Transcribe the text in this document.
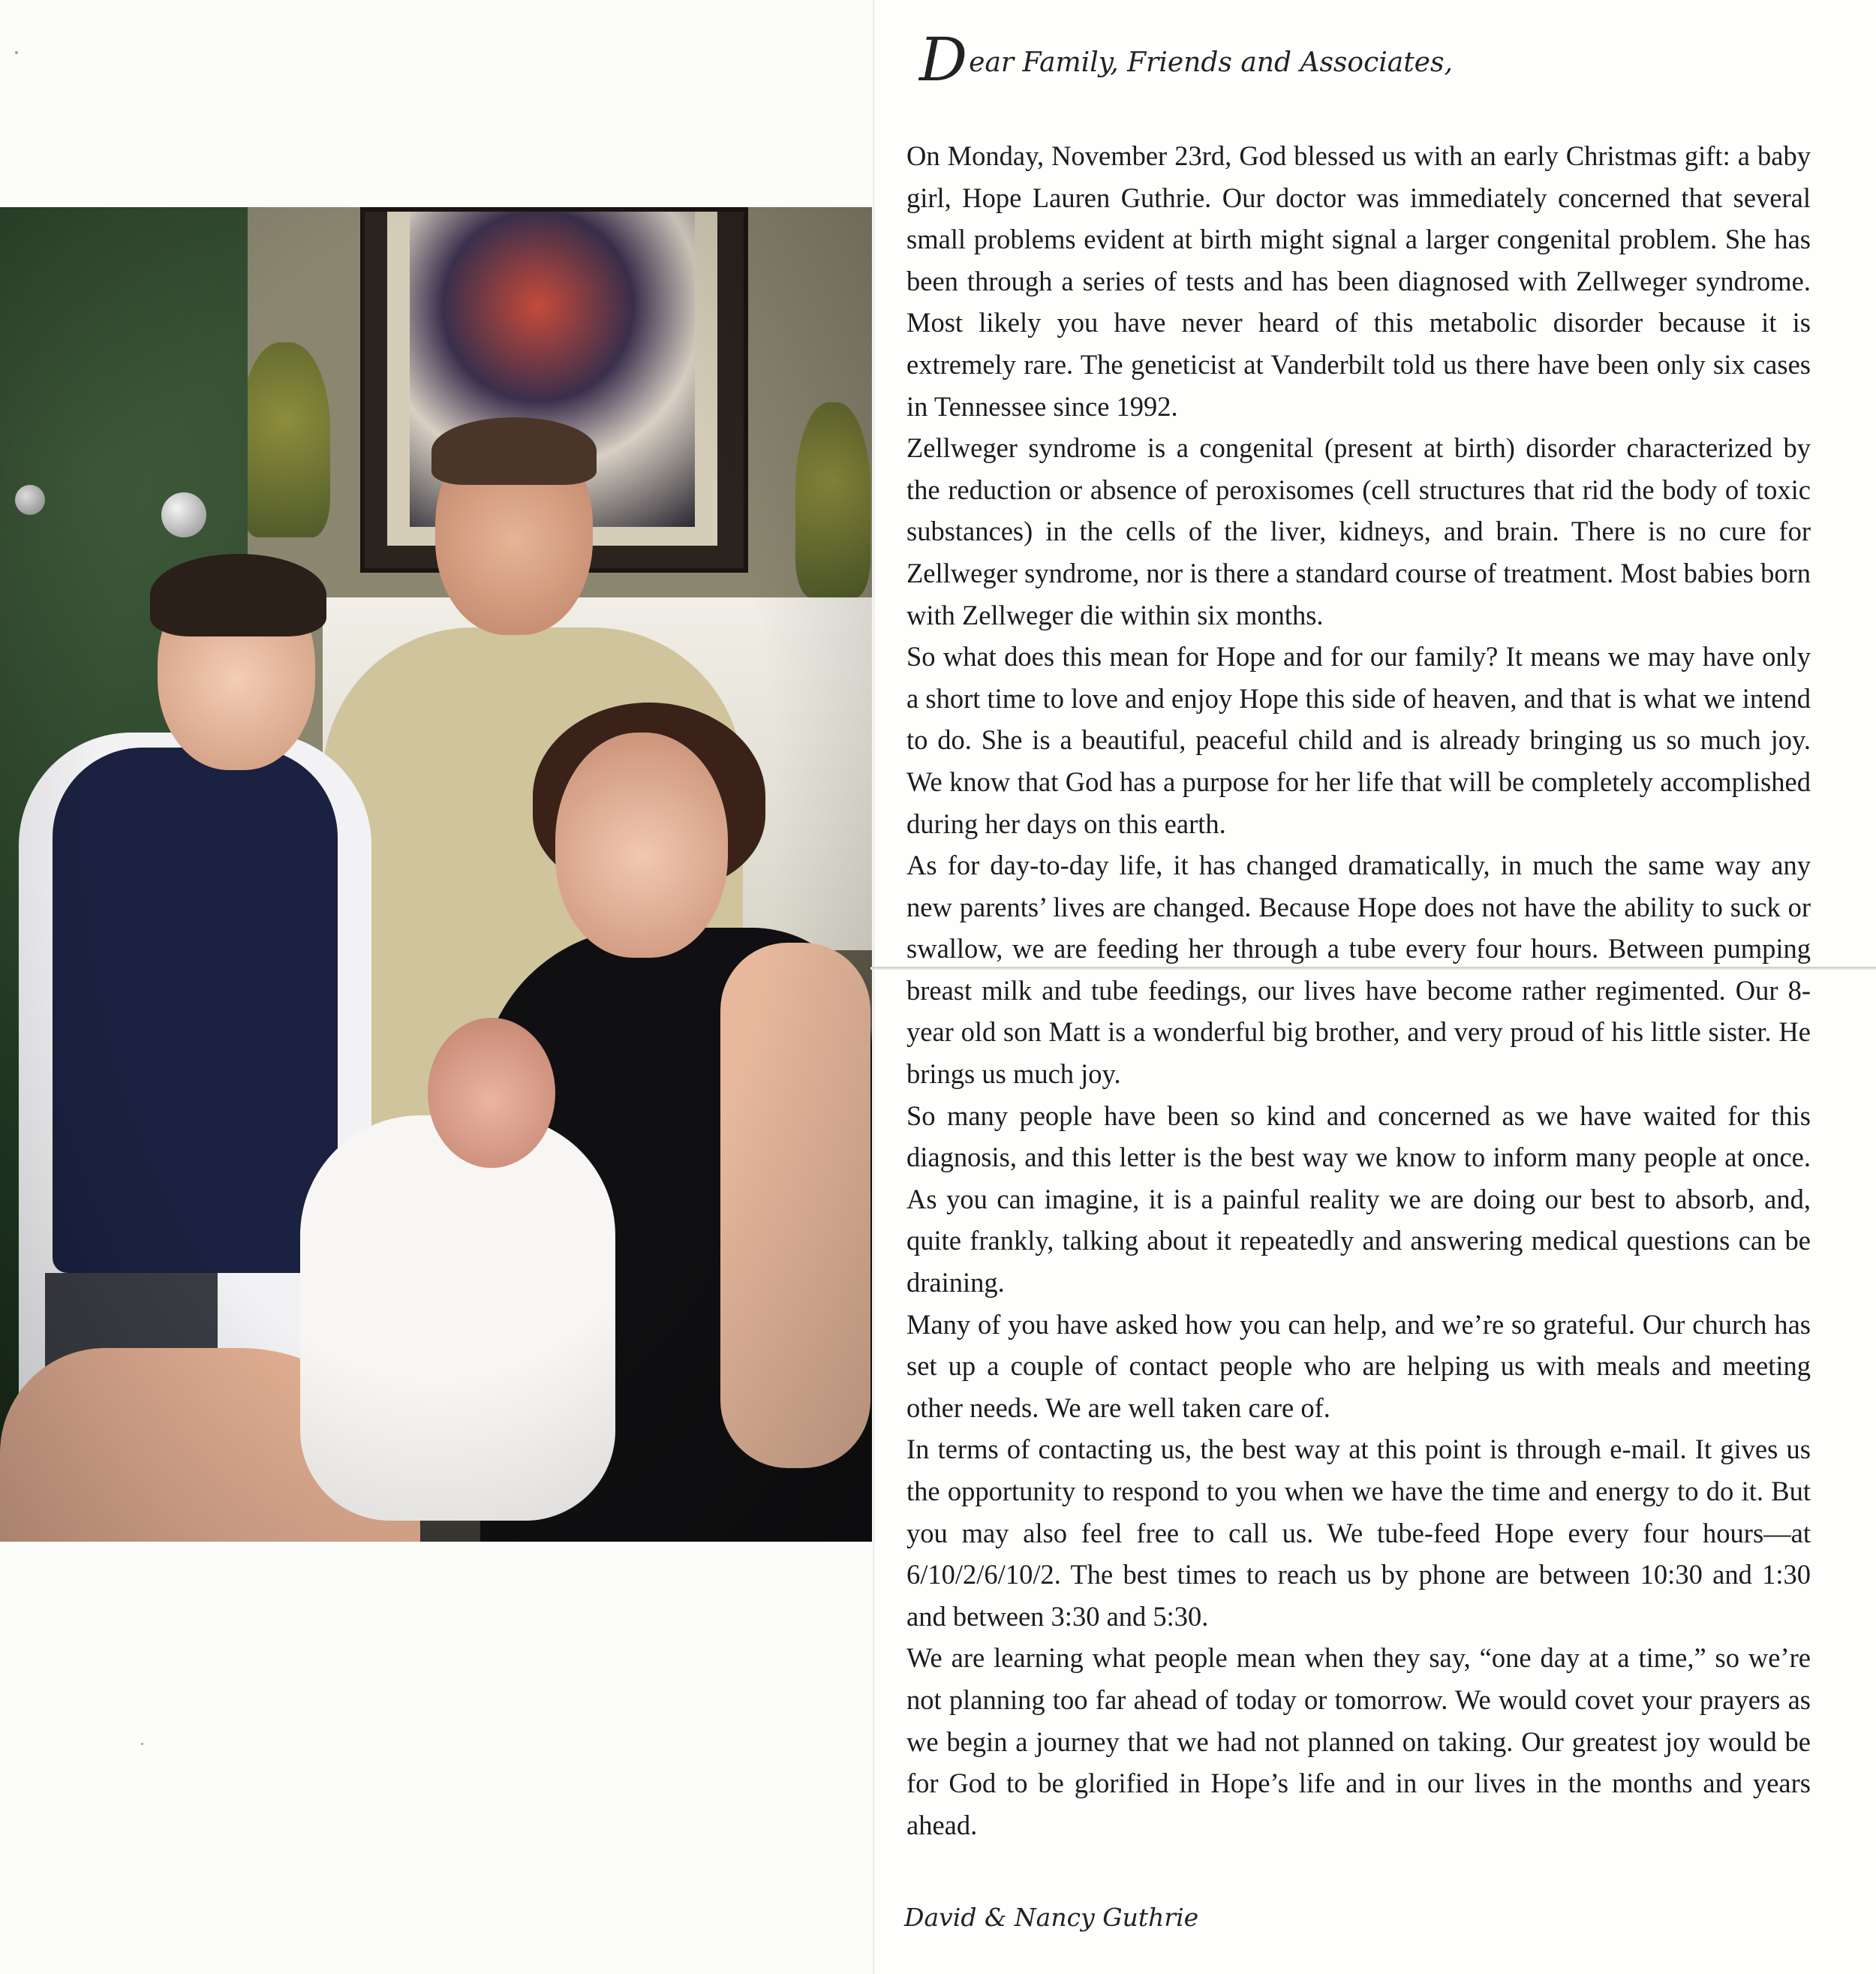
Dear Family, Friends and Associates,

On Monday, November 23rd, God blessed us with an early Christmas gift: a baby girl, Hope Lauren Guthrie. Our doctor was immediately concerned that several small problems evident at birth might signal a larger congenital problem. She has been through a series of tests and has been diagnosed with Zellweger syndrome. Most likely you have never heard of this metabolic disorder because it is extremely rare. The geneticist at Vanderbilt told us there have been only six cases in Tennessee since 1992.

Zellweger syndrome is a congenital (present at birth) disorder characterized by the reduction or absence of peroxisomes (cell structures that rid the body of toxic substances) in the cells of the liver, kidneys, and brain. There is no cure for Zellweger syndrome, nor is there a standard course of treatment. Most babies born with Zellweger die within six months.

So what does this mean for Hope and for our family? It means we may have only a short time to love and enjoy Hope this side of heaven, and that is what we intend to do. She is a beautiful, peaceful child and is already bringing us so much joy. We know that God has a purpose for her life that will be completely accomplished during her days on this earth.

As for day-to-day life, it has changed dramatically, in much the same way any new parents’ lives are changed. Because Hope does not have the ability to suck or swallow, we are feeding her through a tube every four hours. Between pumping breast milk and tube feedings, our lives have become rather regimented. Our 8-year old son Matt is a wonderful big brother, and very proud of his little sister. He brings us much joy.

So many people have been so kind and concerned as we have waited for this diagnosis, and this letter is the best way we know to inform many people at once. As you can imagine, it is a painful reality we are doing our best to absorb, and, quite frankly, talking about it repeatedly and answering medical questions can be draining.

Many of you have asked how you can help, and we’re so grateful. Our church has set up a couple of contact people who are helping us with meals and meeting other needs. We are well taken care of.

In terms of contacting us, the best way at this point is through e-mail. It gives us the opportunity to respond to you when we have the time and energy to do it. But you may also feel free to call us. We tube-feed Hope every four hours—at 6/10/2/6/10/2. The best times to reach us by phone are between 10:30 and 1:30 and between 3:30 and 5:30.

We are learning what people mean when they say, “one day at a time,” so we’re not planning too far ahead of today or tomorrow. We would covet your prayers as we begin a journey that we had not planned on taking. Our greatest joy would be for God to be glorified in Hope’s life and in our lives in the months and years ahead.

David & Nancy Guthrie
